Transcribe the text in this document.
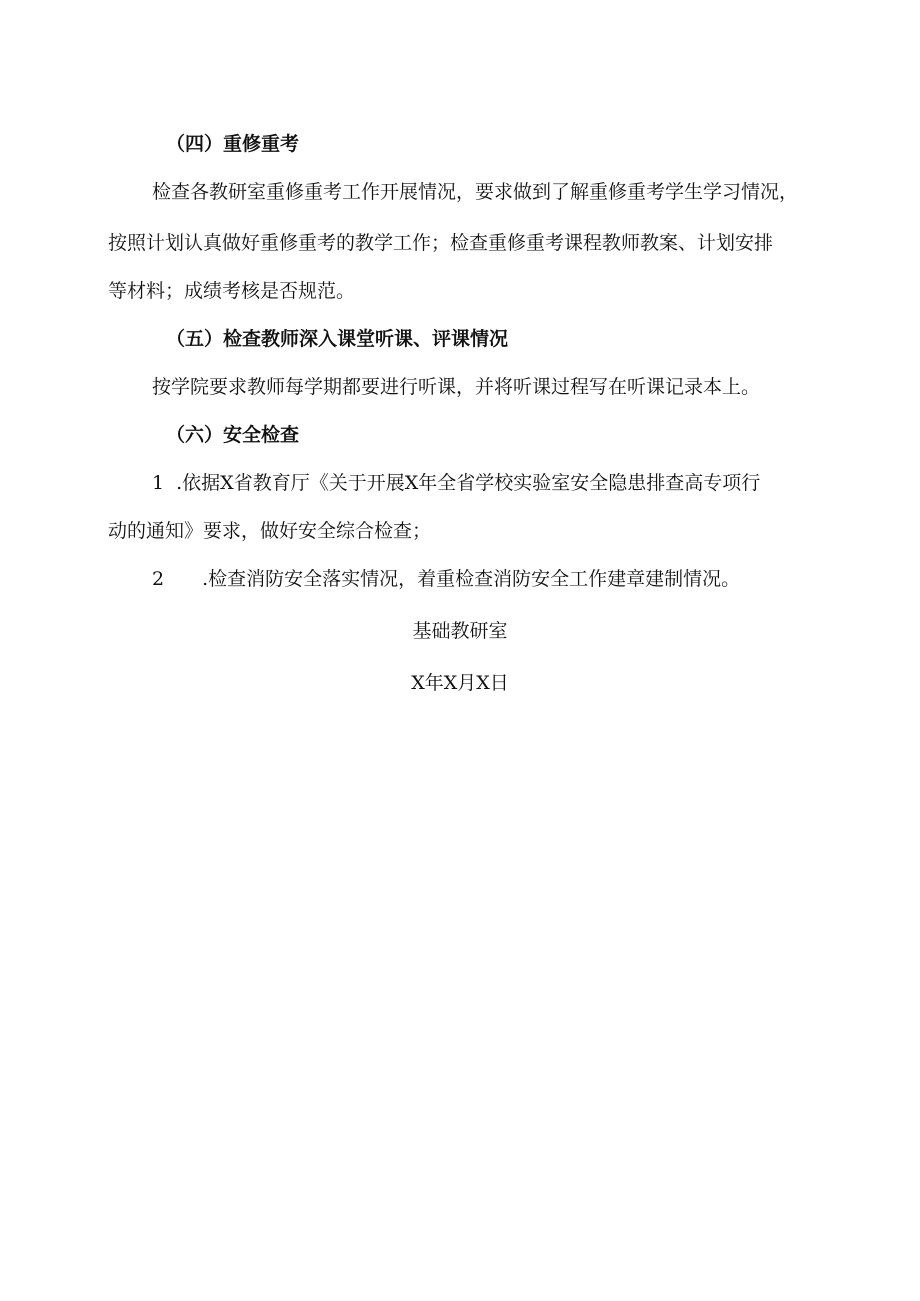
（四）重修重考
检查各教研室重修重考工作开展情况，要求做到了解重修重考学生学习情况，
按照计划认真做好重修重考的教学工作；检查重修重考课程教师教案、计划安排
等材料；成绩考核是否规范。
（五）检查教师深入课堂听课、评课情况
按学院要求教师每学期都要进行听课，并将听课过程写在听课记录本上。
（六）安全检查
1 .依据X省教育厅《关于开展X年全省学校实验室安全隐患排查高专项行
动的通知》要求，做好安全综合检查；
2 .检查消防安全落实情况，着重检查消防安全工作建章建制情况。
基础教研室
X年X月X日
